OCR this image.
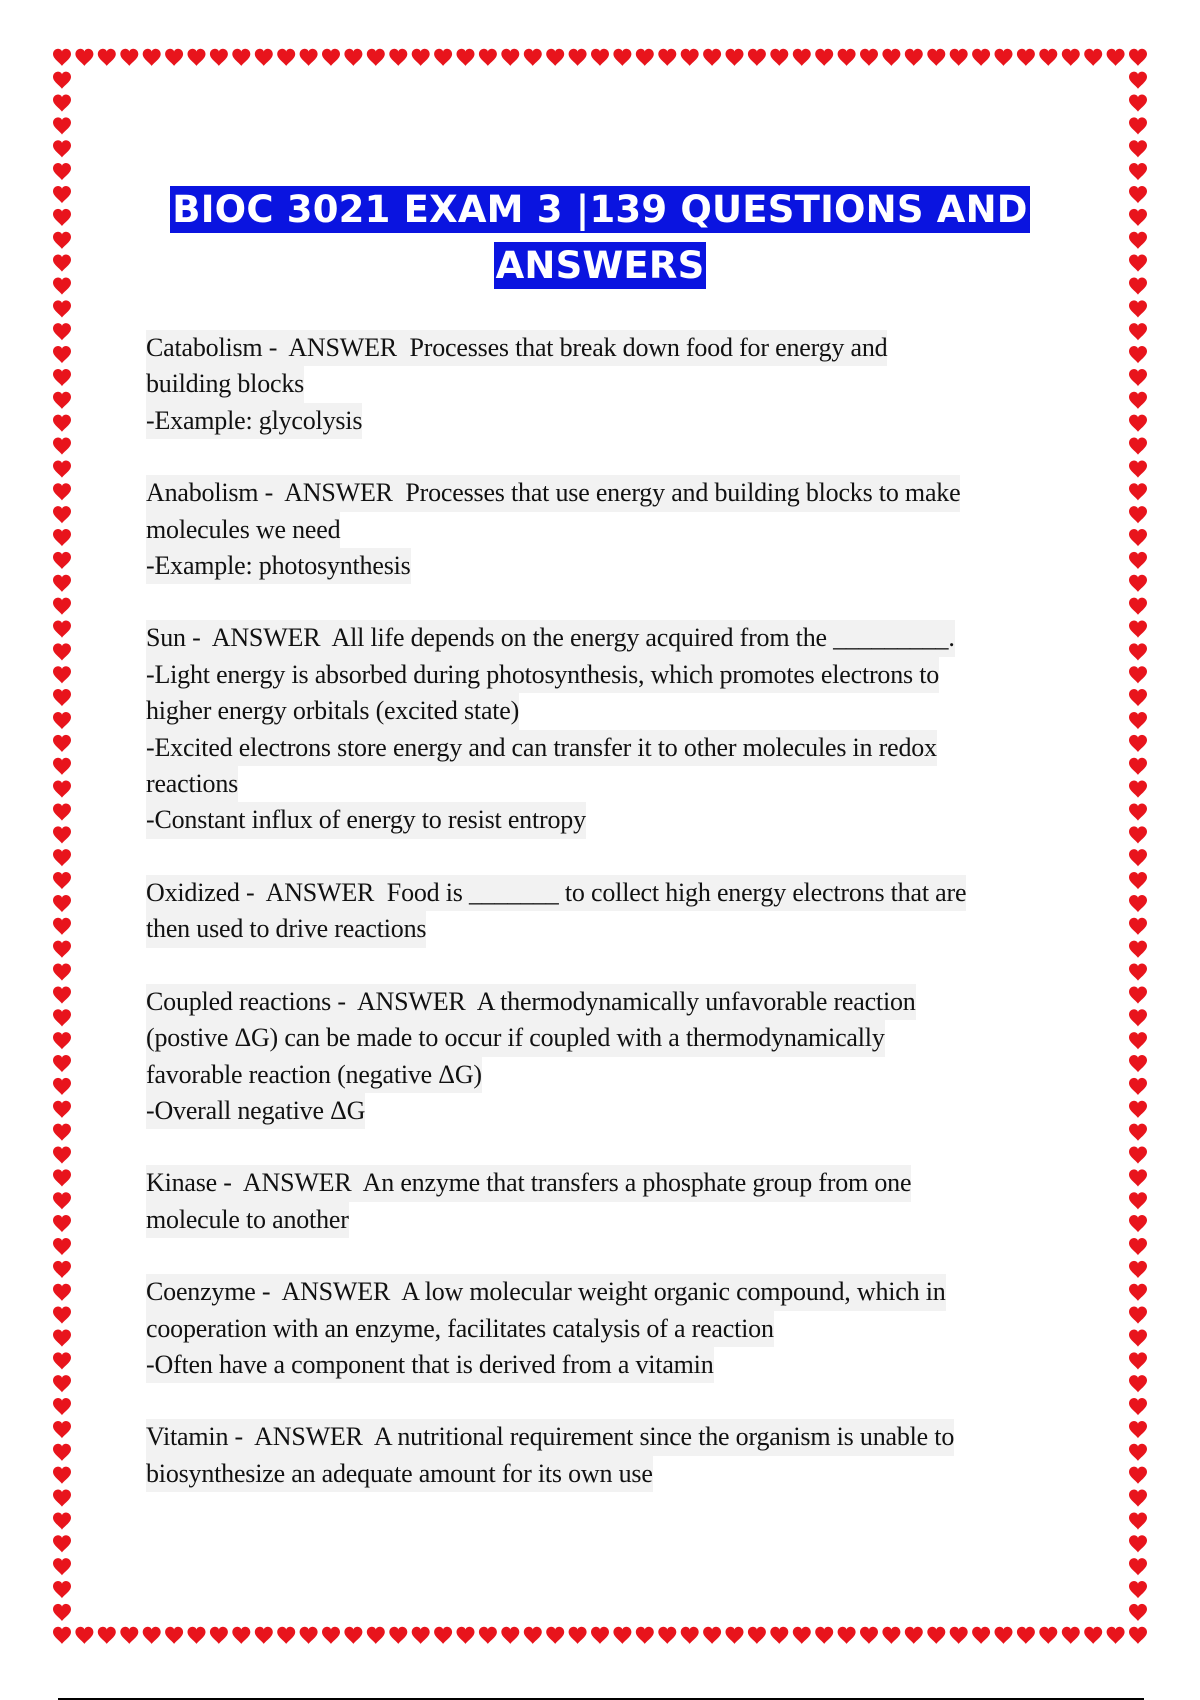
BIOC 3021 EXAM 3 |139 QUESTIONS AND
ANSWERS
Catabolism -  ANSWER  Processes that break down food for energy and
building blocks
-Example: glycolysis
Anabolism -  ANSWER  Processes that use energy and building blocks to make
molecules we need
-Example: photosynthesis
Sun -  ANSWER  All life depends on the energy acquired from the _________.
-Light energy is absorbed during photosynthesis, which promotes electrons to
higher energy orbitals (excited state)
-Excited electrons store energy and can transfer it to other molecules in redox
reactions
-Constant influx of energy to resist entropy
Oxidized -  ANSWER  Food is _______ to collect high energy electrons that are
then used to drive reactions
Coupled reactions -  ANSWER  A thermodynamically unfavorable reaction
(postive ΔG) can be made to occur if coupled with a thermodynamically
favorable reaction (negative ΔG)
-Overall negative ΔG
Kinase -  ANSWER  An enzyme that transfers a phosphate group from one
molecule to another
Coenzyme -  ANSWER  A low molecular weight organic compound, which in
cooperation with an enzyme, facilitates catalysis of a reaction
-Often have a component that is derived from a vitamin
Vitamin -  ANSWER  A nutritional requirement since the organism is unable to
biosynthesize an adequate amount for its own use
